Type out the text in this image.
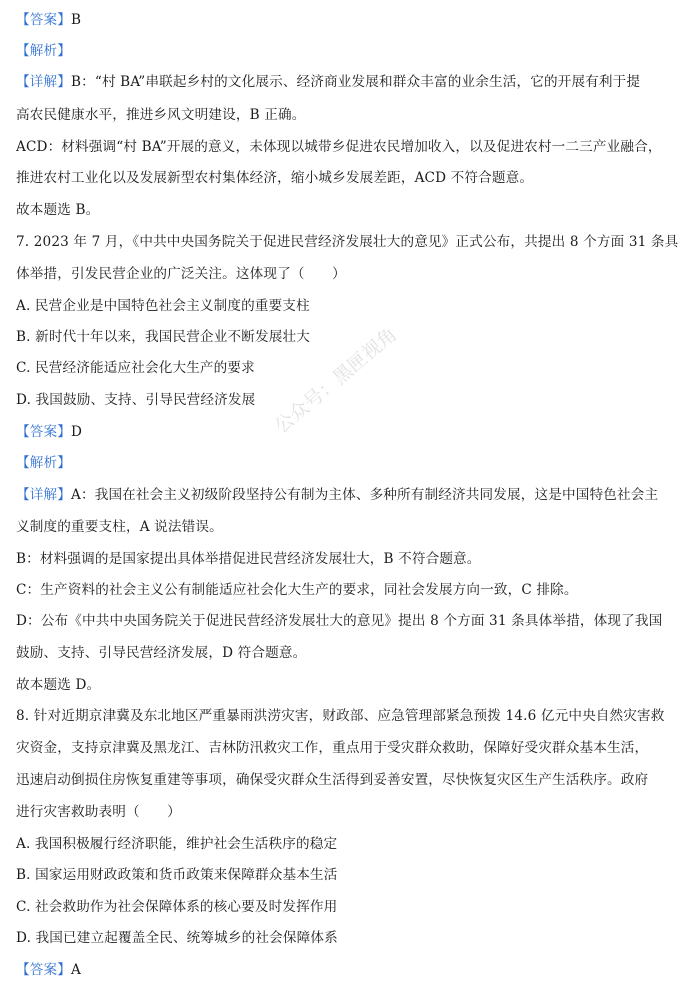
【答案】B
【解析】
【详解】B：“村 BA”串联起乡村的文化展示、经济商业发展和群众丰富的业余生活，它的开展有利于提
高农民健康水平，推进乡风文明建设，B 正确。
ACD：材料强调“村 BA”开展的意义，未体现以城带乡促进农民增加收入，以及促进农村一二三产业融合，
推进农村工业化以及发展新型农村集体经济，缩小城乡发展差距，ACD 不符合题意。
故本题选 B。
7. 2023 年 7 月，《中共中央国务院关于促进民营经济发展壮大的意见》正式公布，共提出 8 个方面 31 条具
体举措，引发民营企业的广泛关注。这体现了（　　）
A. 民营企业是中国特色社会主义制度的重要支柱
B. 新时代十年以来，我国民营企业不断发展壮大
C. 民营经济能适应社会化大生产的要求
D. 我国鼓励、支持、引导民营经济发展
【答案】D
【解析】
【详解】A：我国在社会主义初级阶段坚持公有制为主体、多种所有制经济共同发展，这是中国特色社会主
义制度的重要支柱，A 说法错误。
B：材料强调的是国家提出具体举措促进民营经济发展壮大，B 不符合题意。
C：生产资料的社会主义公有制能适应社会化大生产的要求，同社会发展方向一致，C 排除。
D：公布《中共中央国务院关于促进民营经济发展壮大的意见》提出 8 个方面 31 条具体举措，体现了我国
鼓励、支持、引导民营经济发展，D 符合题意。
故本题选 D。
8. 针对近期京津冀及东北地区严重暴雨洪涝灾害，财政部、应急管理部紧急预拨 14.6 亿元中央自然灾害救
灾资金，支持京津冀及黑龙江、吉林防汛救灾工作，重点用于受灾群众救助，保障好受灾群众基本生活，
迅速启动倒损住房恢复重建等事项，确保受灾群众生活得到妥善安置，尽快恢复灾区生产生活秩序。政府
进行灾害救助表明（　　）
A. 我国积极履行经济职能，维护社会生活秩序的稳定
B. 国家运用财政政策和货币政策来保障群众基本生活
C. 社会救助作为社会保障体系的核心要及时发挥作用
D. 我国已建立起覆盖全民、统筹城乡的社会保障体系
【答案】A
公众号：黑匣视角
